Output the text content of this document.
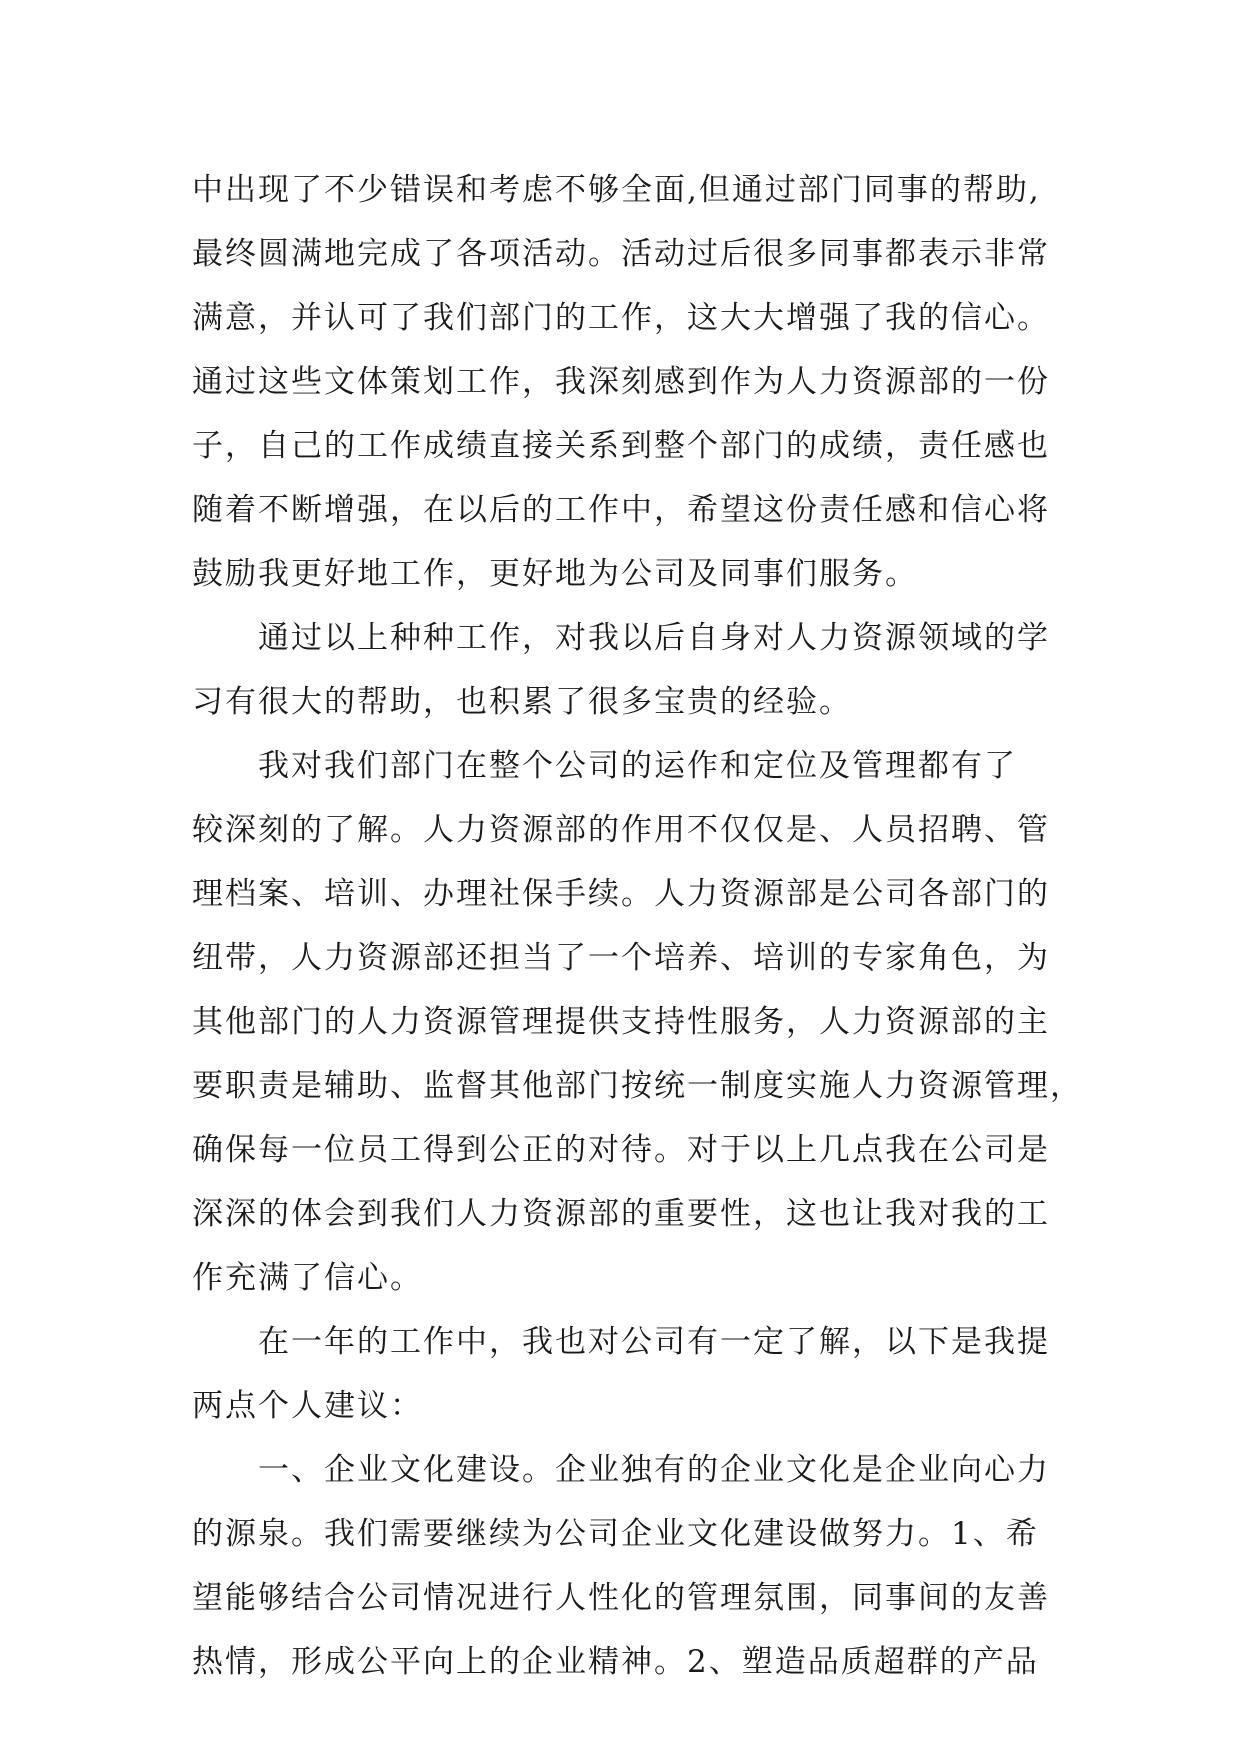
中出现了不少错误和考虑不够全面,但通过部门同事的帮助,
最终圆满地完成了各项活动。活动过后很多同事都表示非常
满意，并认可了我们部门的工作，这大大增强了我的信心。
通过这些文体策划工作，我深刻感到作为人力资源部的一份
子，自己的工作成绩直接关系到整个部门的成绩，责任感也
随着不断增强，在以后的工作中，希望这份责任感和信心将
鼓励我更好地工作，更好地为公司及同事们服务。
　　通过以上种种工作，对我以后自身对人力资源领域的学
习有很大的帮助，也积累了很多宝贵的经验。
　　我对我们部门在整个公司的运作和定位及管理都有了
较深刻的了解。人力资源部的作用不仅仅是、人员招聘、管
理档案、培训、办理社保手续。人力资源部是公司各部门的
纽带，人力资源部还担当了一个培养、培训的专家角色，为
其他部门的人力资源管理提供支持性服务，人力资源部的主
要职责是辅助、监督其他部门按统一制度实施人力资源管理，
确保每一位员工得到公正的对待。对于以上几点我在公司是
深深的体会到我们人力资源部的重要性，这也让我对我的工
作充满了信心。
　　在一年的工作中，我也对公司有一定了解，以下是我提
两点个人建议：
　　一、企业文化建设。企业独有的企业文化是企业向心力
的源泉。我们需要继续为公司企业文化建设做努力。1、希
望能够结合公司情况进行人性化的管理氛围，同事间的友善
热情，形成公平向上的企业精神。2、塑造品质超群的产品
